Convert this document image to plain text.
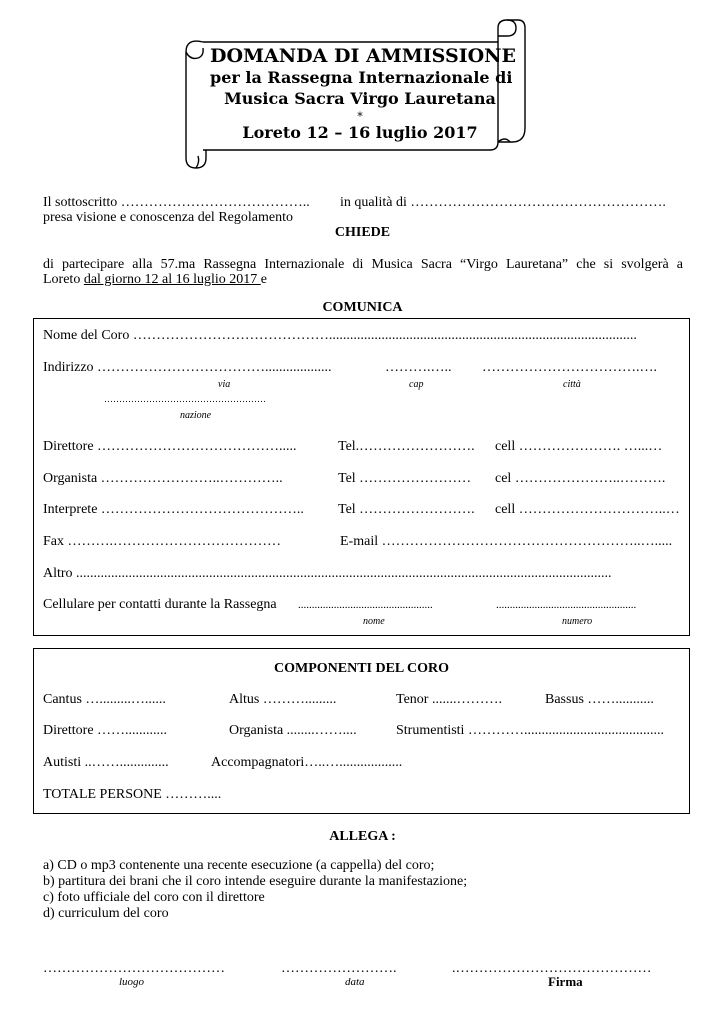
DOMANDA DI AMMISSIONE
per la Rassegna Internazionale di
Musica Sacra Virgo Lauretana
*
Loreto 12 – 16 luglio 2017
Il sottoscritto ………………………………….. in qualità di ……………………………………………….
presa visione e conoscenza del Regolamento
CHIEDE
di partecipare alla 57.ma Rassegna Internazionale di Musica Sacra “Virgo Lauretana” che si svolgerà a
Loreto dal giorno 12 al 16 luglio 2017 e
COMUNICA
Nome del Coro ……………………………………........................................................................................
Indirizzo ………………………………...................	……….….. …………………………….….
via	cap	città
………………………………………………
nazione
Direttore ………………………………….....	Tel.……………………. cell …………………. …...…
Organista ……………………..…………..	Tel …………………… cel …………………..……….
Interprete …………………………………….. Tel ……………………. cell …………………………..…
Fax ……….………………………………	E-mail ………………………………………………..….....
Altro .........................................................................................................................................................
Cellulare per contatti durante la Rassegna .................................................	...................................................
nome	numero
COMPONENTI DEL CORO
Cantus ….........…......	Altus ……….........	Tenor .......……….	Bassus ……...........
Direttore ……............	Organista ........……....	Strumentisti …………........................................
Autisti ..……..............	Accompagnatori…..…..................
TOTALE PERSONE ………....
ALLEGA :
a) CD o mp3 contenente una recente esecuzione (a cappella) del coro;
b) partitura dei brani che il coro intende eseguire durante la manifestazione;
c) foto ufficiale del coro con il direttore
d) curriculum del coro
…………………………………	…………………….	.……………………………………
luogo	data	Firma
